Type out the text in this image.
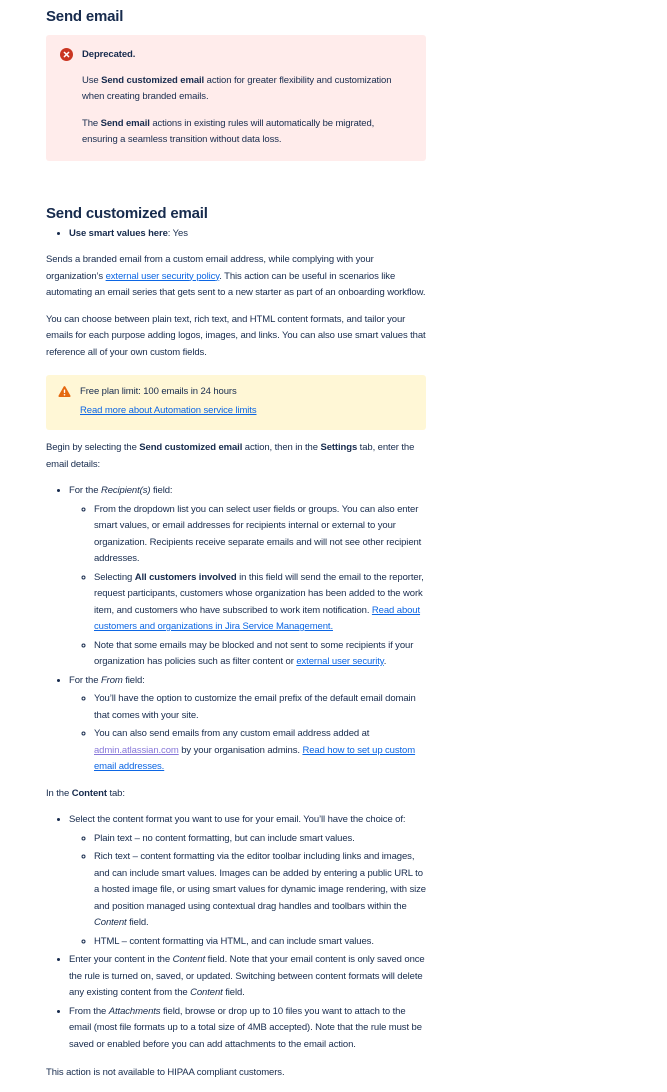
Send email
Deprecated.

Use Send customized email action for greater flexibility and customization when creating branded emails.

The Send email actions in existing rules will automatically be migrated, ensuring a seamless transition without data loss.

Send customized email
• Use smart values here: Yes

Sends a branded email from a custom email address, while complying with your organization’s external user security policy. This action can be useful in scenarios like automating an email series that gets sent to a new starter as part of an onboarding workflow.

You can choose between plain text, rich text, and HTML content formats, and tailor your emails for each purpose adding logos, images, and links. You can also use smart values that reference all of your own custom fields.

Free plan limit: 100 emails in 24 hours

Read more about Automation service limits

Begin by selecting the Send customized email action, then in the Settings tab, enter the email details:

• For the Recipient(s) field:
◦ From the dropdown list you can select user fields or groups. You can also enter smart values, or email addresses for recipients internal or external to your organization. Recipients receive separate emails and will not see other recipient addresses.
◦ Selecting All customers involved in this field will send the email to the reporter, request participants, customers whose organization has been added to the work item, and customers who have subscribed to work item notification. Read about customers and organizations in Jira Service Management.
◦ Note that some emails may be blocked and not sent to some recipients if your organization has policies such as filter content or external user security.
• For the From field:
◦ You’ll have the option to customize the email prefix of the default email domain that comes with your site.
◦ You can also send emails from any custom email address added at admin.atlassian.com by your organisation admins. Read how to set up custom email addresses.

In the Content tab:

• Select the content format you want to use for your email. You’ll have the choice of:
◦ Plain text – no content formatting, but can include smart values.
◦ Rich text – content formatting via the editor toolbar including links and images, and can include smart values. Images can be added by entering a public URL to a hosted image file, or using smart values for dynamic image rendering, with size and position managed using contextual drag handles and toolbars within the Content field.
◦ HTML – content formatting via HTML, and can include smart values.
• Enter your content in the Content field. Note that your email content is only saved once the rule is turned on, saved, or updated. Switching between content formats will delete any existing content from the Content field.
• From the Attachments field, browse or drop up to 10 files you want to attach to the email (most file formats up to a total size of 4MB accepted). Note that the rule must be saved or enabled before you can add attachments to the email action.

This action is not available to HIPAA compliant customers.
